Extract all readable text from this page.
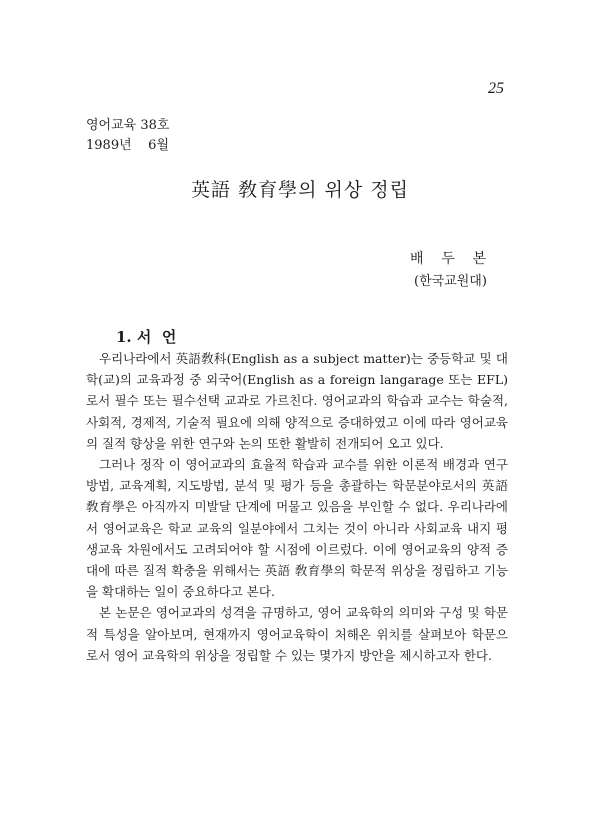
25
영어교육 38호
1989년    6월
英語 敎育學의 위상 정립
배    두    본
(한국교원대)
1. 서  언

우리나라에서 英語敎科(English as a subject matter)는 중등학교 및 대학(교)의 교육과정 중 외국어(English as a foreign langarage 또는 EFL)로서 필수 또는 필수선택 교과로 가르친다. 영어교과의 학습과 교수는 학술적, 사회적, 경제적, 기술적 필요에 의해 양적으로 증대하였고 이에 따라 영어교육의 질적 향상을 위한 연구와 논의 또한 활발히 전개되어 오고 있다.

그러나 정작 이 영어교과의 효율적 학습과 교수를 위한 이론적 배경과 연구방법, 교육계획, 지도방법, 분석 및 평가 등을 총괄하는 학문분야로서의 英語 敎育學은 아직까지 미발달 단계에 머물고 있음을 부인할 수 없다. 우리나라에서 영어교육은 학교 교육의 일분야에서 그치는 것이 아니라 사회교육 내지 평생교육 차원에서도 고려되어야 할 시점에 이르렀다. 이에 영어교육의 양적 증대에 따른 질적 확충을 위해서는 英語 敎育學의 학문적 위상을 정립하고 기능을 확대하는 일이 중요하다고 본다.

본 논문은 영어교과의 성격을 규명하고, 영어 교육학의 의미와 구성 및 학문적 특성을 알아보며, 현재까지 영어교육학이 처해온 위치를 살펴보아 학문으로서 영어 교육학의 위상을 정립할 수 있는 몇가지 방안을 제시하고자 한다.
